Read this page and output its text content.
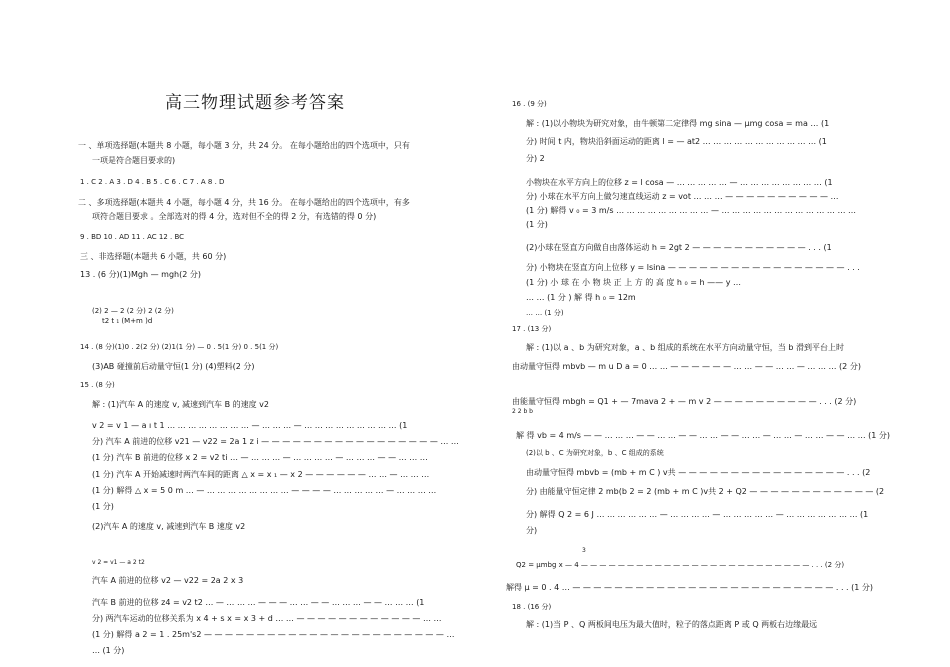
高三物理试题参考答案
一 、单项选择题(本题共 8 小题，每小题 3 分，共 24 分。 在每小题给出的四个选项中，只有
一项是符合题目要求的)
1 . C 2 . A 3 . D 4 . B 5 . C 6 . C 7 . A 8 . D
二 、多项选择题(本题共 4 小题，每小题 4 分，共 16 分。 在每小题给出的四个选项中，有多
项符合题目要求 。全部选对的得 4 分，选对但不全的得 2 分，有选错的得 0 分)
9 . BD 10 . AD 11 . AC 12 . BC
三 、非选择题(本题共 6 小题，共 60 分)
13 . (6 分)(1)Mgh — mgh(2 分)
(2) 2 — 2 (2 分) 2 (2 分)
t2 t ₁ (M+m )d
14 . (8 分)(1)0 . 2(2 分) (2)1(1 分) — 0 . 5(1 分) 0 . 5(1 分)
(3)AB 碰撞前后动量守恒(1 分) (4)塑料(2 分)
15 . (8 分)
解 : (1)汽车 A 的速度 v, 减速到汽车 B 的速度 v2
v 2 = v 1 — a ı t 1 … … … … … … … … — … … … — … … … … … … … … … (1
分) 汽车 A 前进的位移 v21 — v22 = 2a 1 z i — — — — — — — — — — — — — — — — — … …
(1 分) 汽车 B 前进的位移 x 2 = v2 ti … — … … … — … … … … — … … … — — … … …
(1 分) 汽车 A 开始减速时两汽车间的距离 △ x = x ₁ — x 2 — — — — — — … … — … … …
(1 分) 解得 △ x = 5 0 m … — … … … … … … … … — — — — … … … … … — … … … …
(1 分)
(2)汽车 A 的速度 v, 减速到汽车 B 速度 v2
v 2 = v1 — a 2 t2
汽车 A 前进的位移 v2 — v22 = 2a 2 x 3
汽车 B 前进的位移 z4 = v2 t2 … — … … … — — — … … — — … … … — — … … … (1
分) 两汽车运动的位移关系为 x 4 + s x = x 3 + d … … — — — — — — — — — — — — … …
(1 分) 解得 a 2 = 1 . 25m's2 — — — — — — — — — — — — — — — — — — — — — — — …
… (1 分)
16 . (9 分)
解 : (1)以小物块为研究对象，由牛顿第二定律得 mg sina — μmg cosa = ma … (1
分) 时间 t 内，物块沿斜面运动的距离 l = — at2 … … … … … … … … … … … (1
分) 2
小物块在水平方向上的位移 z = l cosa — … … … … … — … … … … … … … … (1
分) 小球在水平方向上做匀速直线运动 z = vot … … … — — — — — — — — — — …
(1 分) 解得 v ₀ = 3 m/s … … … … … … … … … — … … … … … … … … … … … … …
(1 分)
(2)小球在竖直方向做自由落体运动 h = 2gt 2 — — — — — — — — — — — . . . (1
分) 小物块在竖直方向上位移 y = lsina — — — — — — — — — — — — — — — — — . . .
(1 分) 小 球 在 小 物 块 正 上 方 的 高 度 h ₀ = h —— y …
… … (1 分 ) 解 得 h ₀ = 12m
… … (1 分)
17 . (13 分)
解 : (1)以 a 、b 为研究对象，a 、b 组成的系统在水平方向动量守恒，当 b 滑到平台上时
由动量守恒得 mbvb — m u D a = 0 … … — — — — — — … … — — … … — … … … (2 分)
由能量守恒得 mbgh = Q1 + — 7mava 2 + — m v 2 — — — — — — — — — — . . . (2 分)
2 2 b b
解 得 vb = 4 m/s — — … … … — — … … — — … … — — … … — … … — … … — — … … (1 分)
(2)以 b 、C 为研究对象，b 、C 组成的系统
由动量守恒得 mbvb = (mb + m C ) v共 — — — — — — — — — — — — — — — — . . . (2
分) 由能量守恒定律 2 mb(b 2 = 2 (mb + m C )v共 2 + Q2 — — — — — — — — — — — — (2
分) 解得 Q 2 = 6 J … … … … … … — … … … … — … … … … … — … … … … … … … (1
分)
3
Q2 = μmbg x — 4 — — — — — — — — — — — — — — — — — — — — — — — — — . . . (2 分)
解得 μ = 0 . 4 … — — — — — — — — — — — — — — — — — — — — — — — — — . . . (1 分)
18 . (16 分)
解 : (1)当 P 、Q 两板间电压为最大值时，粒子的落点距离 P 或 Q 两板右边缘最远
